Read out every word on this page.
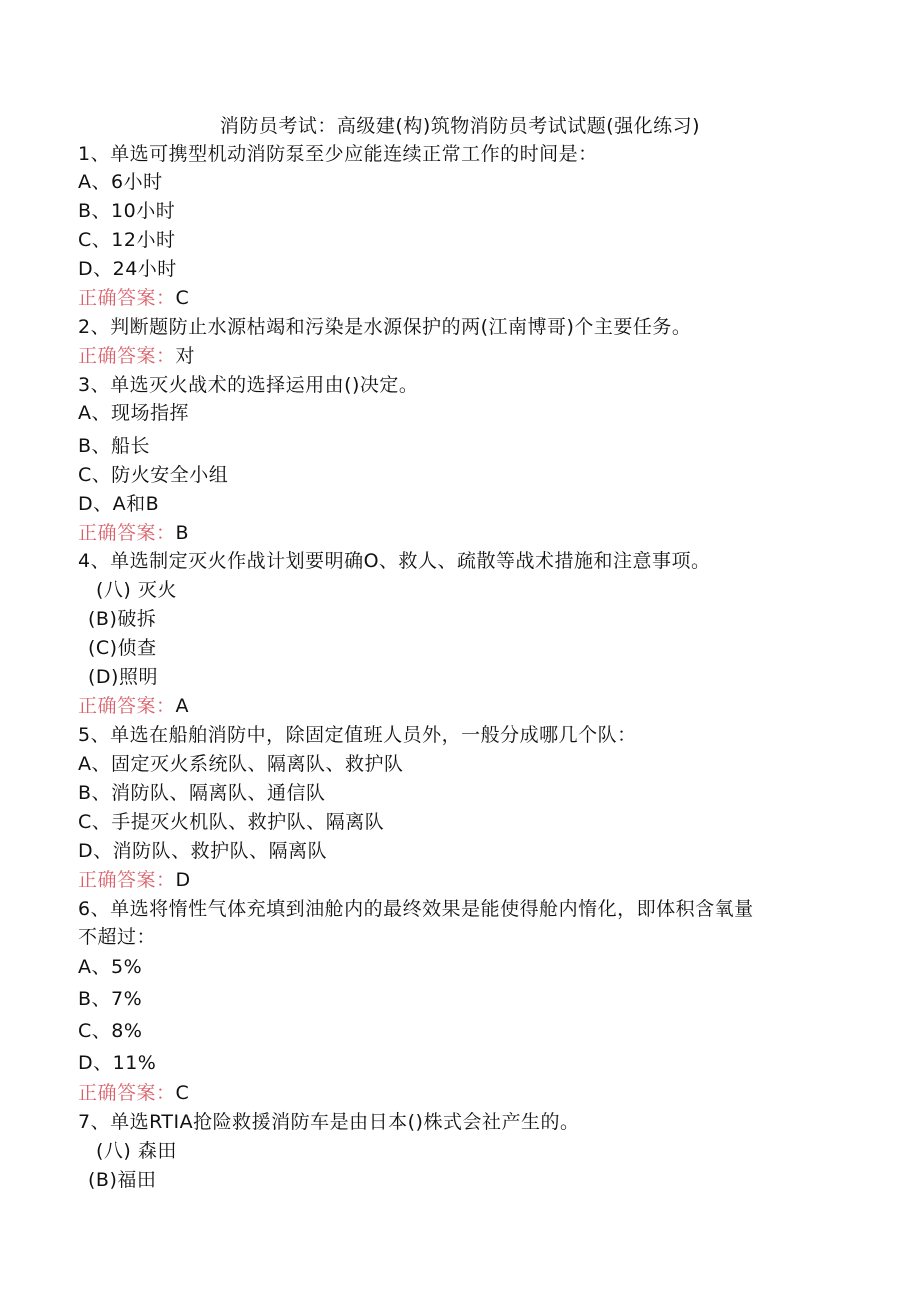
消防员考试：高级建(构)筑物消防员考试试题(强化练习)
1、单选可携型机动消防泵至少应能连续正常工作的时间是：
A、6小时
B、10小时
C、12小时
D、24小时
正确答案：C
2、判断题防止水源枯竭和污染是水源保护的两(江南博哥)个主要任务。
正确答案：对
3、单选灭火战术的选择运用由()决定。
A、现场指挥
B、船长
C、防火安全小组
D、A和B
正确答案：B
4、单选制定灭火作战计划要明确O、救人、疏散等战术措施和注意事项。
(八) 灭火
(B)破拆
(C)侦查
(D)照明
正确答案：A
5、单选在船舶消防中，除固定值班人员外，一般分成哪几个队：
A、固定灭火系统队、隔离队、救护队
B、消防队、隔离队、通信队
C、手提灭火机队、救护队、隔离队
D、消防队、救护队、隔离队
正确答案：D
6、单选将惰性气体充填到油舱内的最终效果是能使得舱内惰化，即体积含氧量
不超过：
A、5%
B、7%
C、8%
D、11%
正确答案：C
7、单选RTIA抢险救援消防车是由日本()株式会社产生的。
(八) 森田
(B)福田
